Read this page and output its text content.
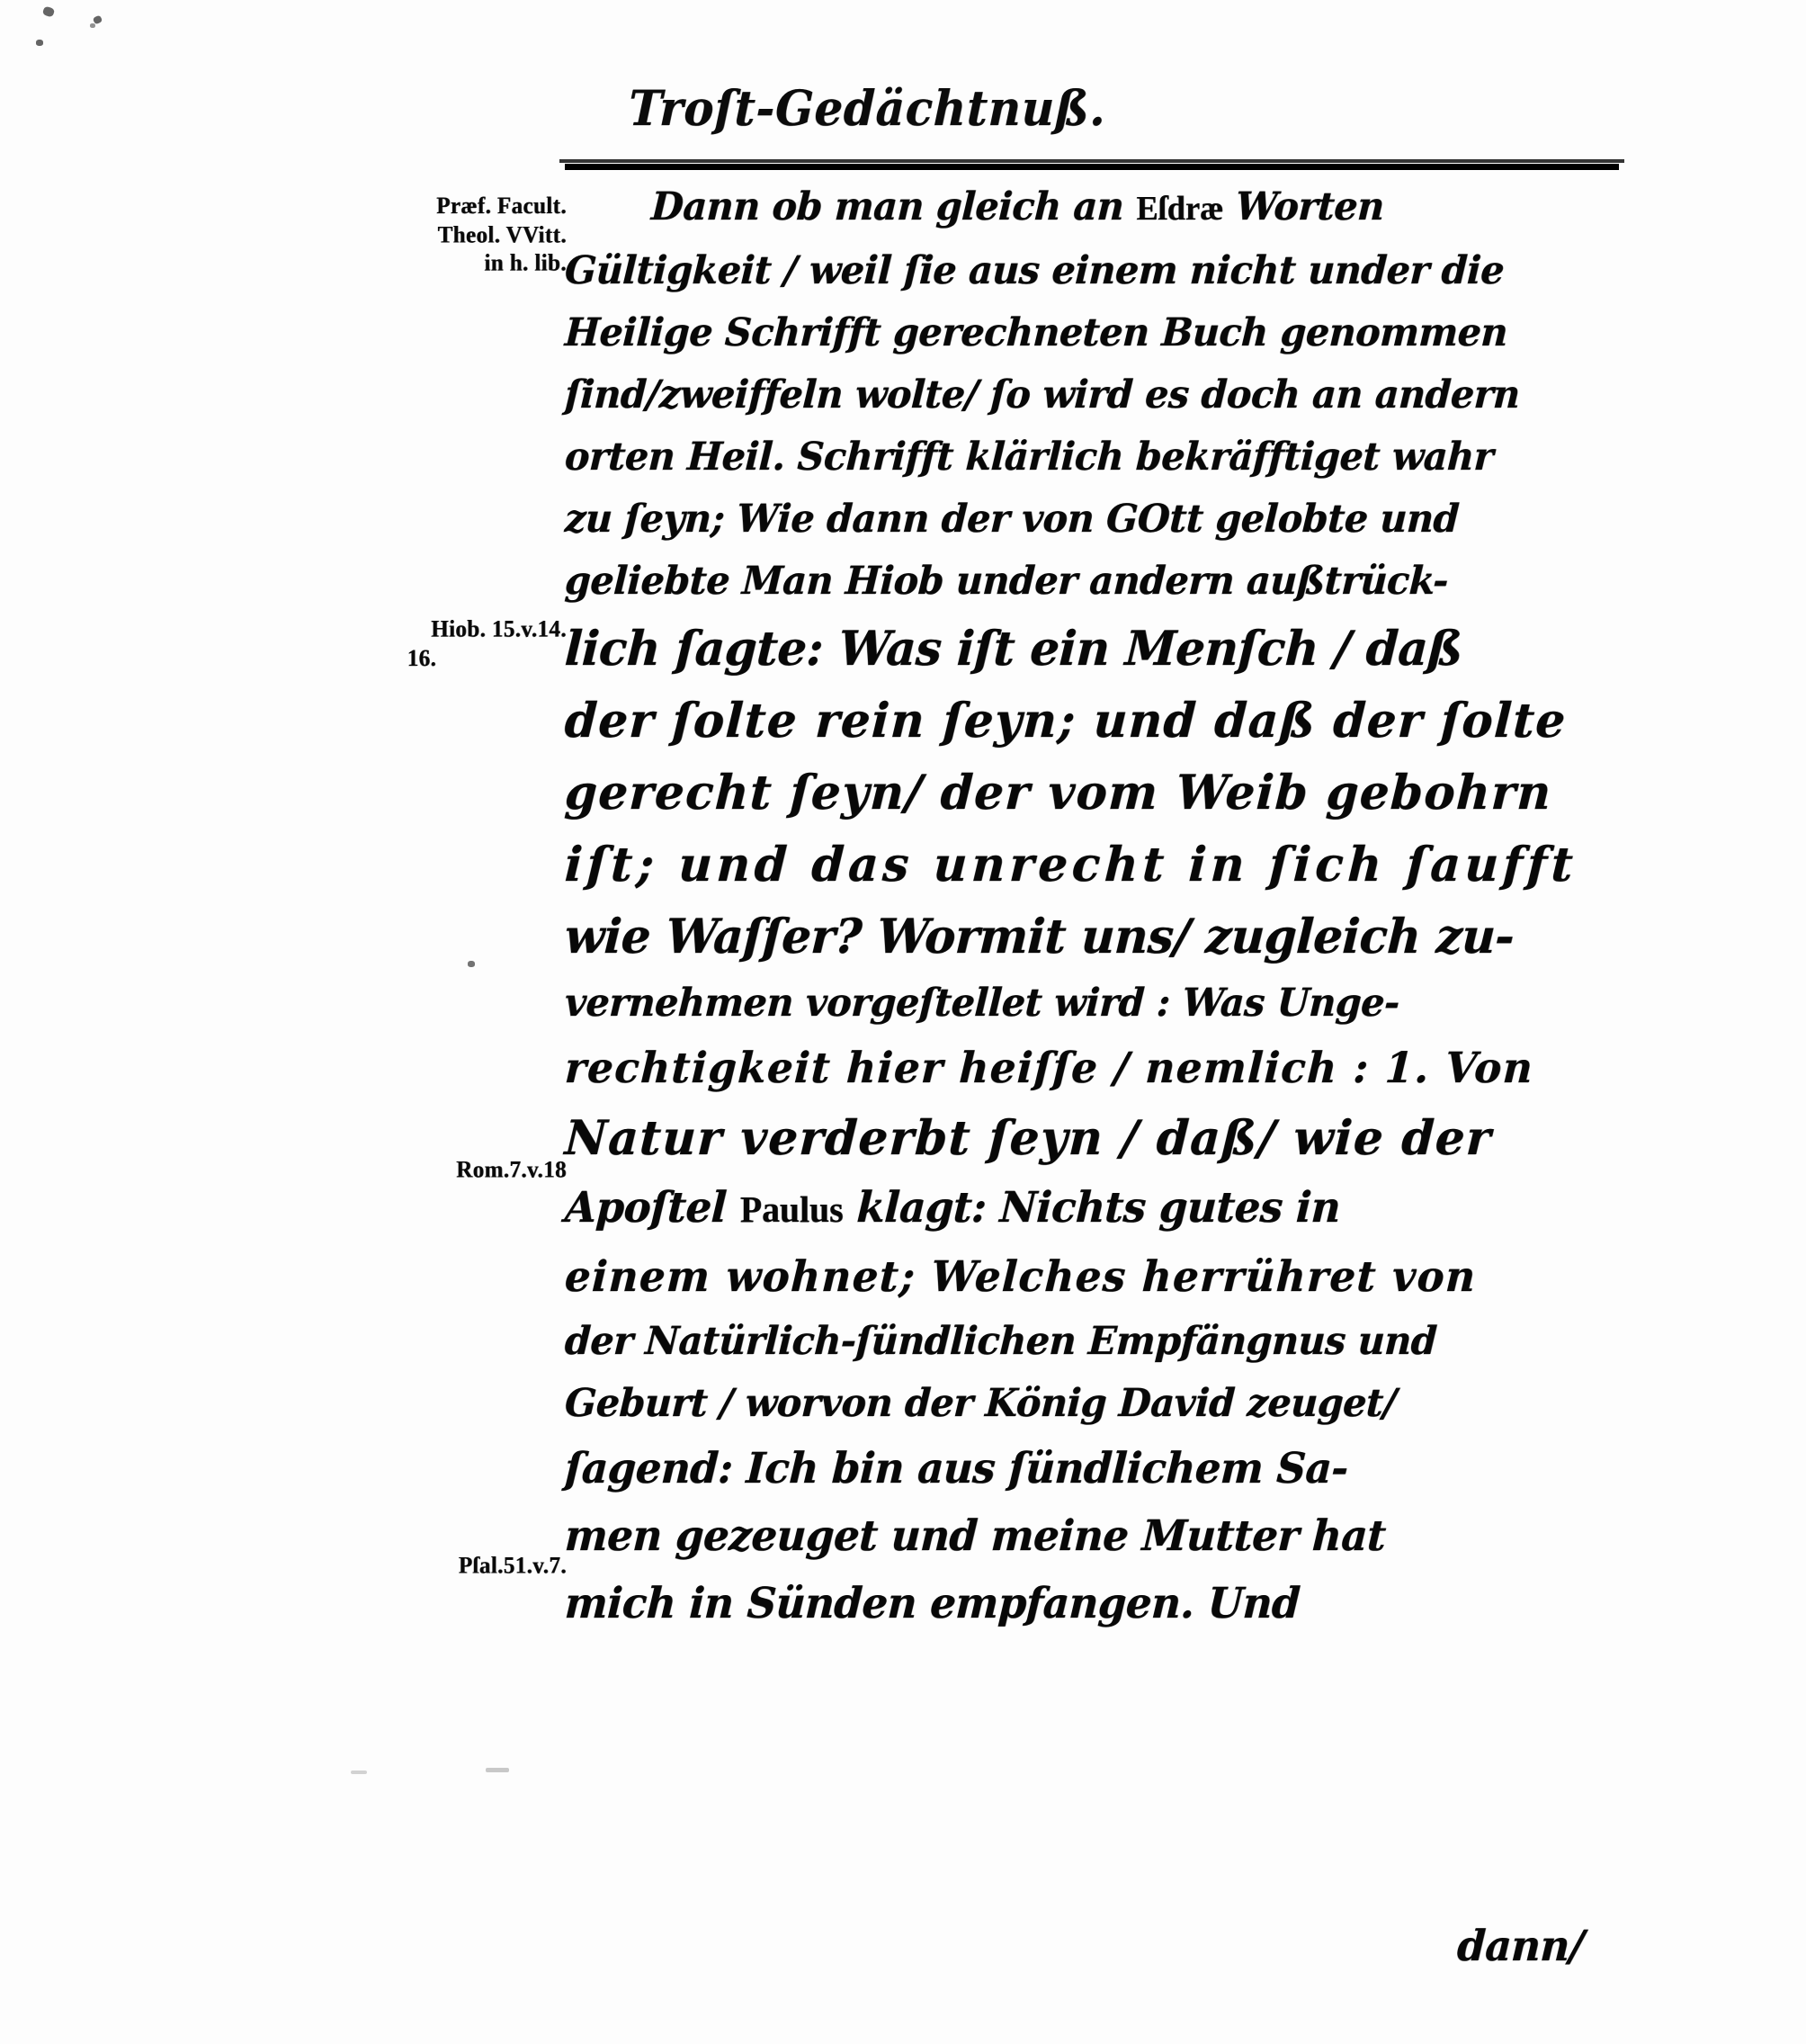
Troſt-Gedächtnuß.
Præf. Facult.
Theol. VVitt.
in h. lib.
Hiob. 15.v.14.
16.
Rom.7.v.18
Pſal.51.v.7.
Dann ob man gleich an Eſdræ Worten
Gültigkeit / weil ſie aus einem nicht under die
Heilige Schrifft gerechneten Buch genommen
ſind/zweiffeln wolte/ ſo wird es doch an andern
orten Heil. Schrifft klärlich bekräfftiget wahr
zu ſeyn; Wie dann der von GOtt gelobte und
geliebte Man Hiob under andern außtrück-
lich ſagte: Was iſt ein Menſch / daß
der ſolte rein ſeyn; und daß der ſolte
gerecht ſeyn/ der vom Weib gebohrn
iſt; und das unrecht in ſich ſaufft
wie Waſſer? Wormit uns/ zugleich zu-
vernehmen vorgeſtellet wird : Was Unge-
rechtigkeit hier heiſſe / nemlich : 1. Von
Natur verderbt ſeyn / daß/ wie der
Apoſtel Paulus klagt: Nichts gutes in
einem wohnet; Welches herrühret von
der Natürlich-ſündlichen Empfängnus und
Geburt / worvon der König David zeuget/
ſagend: Ich bin aus ſündlichem Sa-
men gezeuget und meine Mutter hat
mich in Sünden empfangen. Und
dann/
